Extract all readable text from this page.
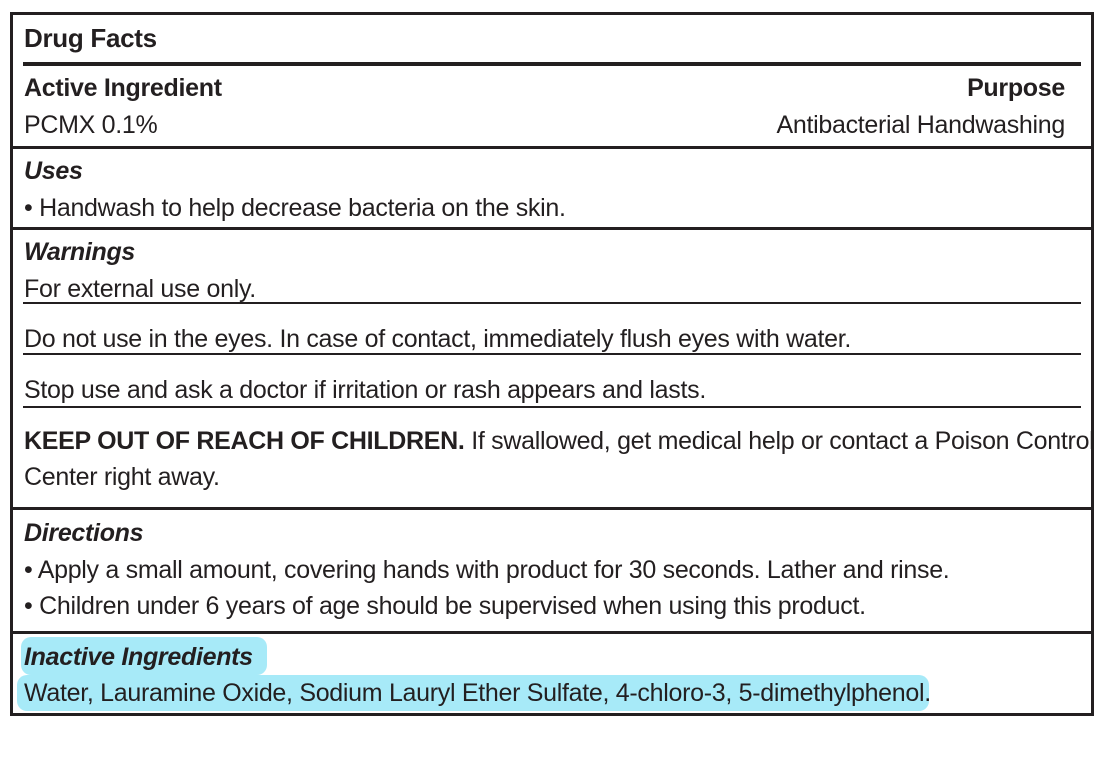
Drug Facts
Active Ingredient	Purpose
PCMX 0.1%	Antibacterial Handwashing
Uses
• Handwash to help decrease bacteria on the skin.
Warnings
For external use only.
Do not use in the eyes. In case of contact, immediately flush eyes with water.
Stop use and ask a doctor if irritation or rash appears and lasts.
KEEP OUT OF REACH OF CHILDREN. If swallowed, get medical help or contact a Poison Control
Center right away.
Directions
• Apply a small amount, covering hands with product for 30 seconds. Lather and rinse.
• Children under 6 years of age should be supervised when using this product.
Inactive Ingredients
Water, Lauramine Oxide, Sodium Lauryl Ether Sulfate, 4-chloro-3, 5-dimethylphenol.
